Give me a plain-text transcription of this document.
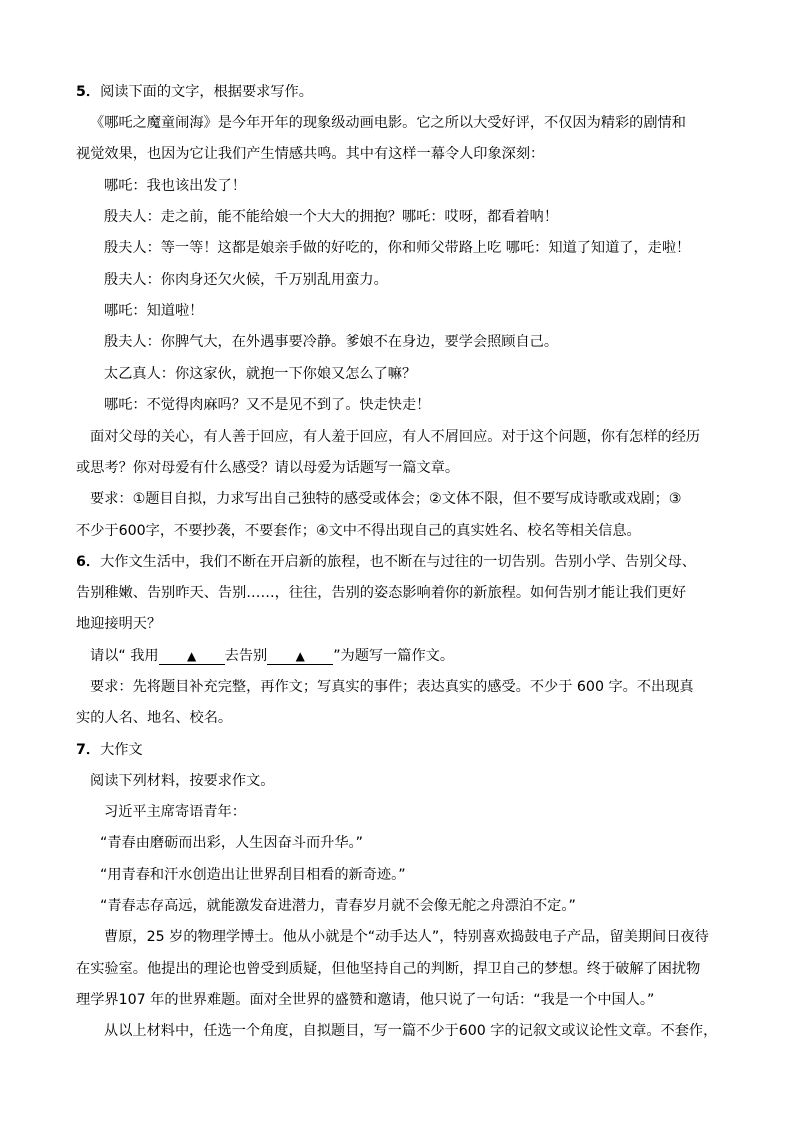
5．阅读下面的文字，根据要求写作。
《哪吒之魔童闹海》是今年开年的现象级动画电影。它之所以大受好评，不仅因为精彩的剧情和
视觉效果，也因为它让我们产生情感共鸣。其中有这样一幕令人印象深刻：
哪吒：我也该出发了！
殷夫人：走之前，能不能给娘一个大大的拥抱？哪吒：哎呀，都看着呐！
殷夫人：等一等！这都是娘亲手做的好吃的，你和师父带路上吃 哪吒：知道了知道了，走啦！
殷夫人：你肉身还欠火候，千万别乱用蛮力。
哪吒：知道啦！
殷夫人：你脾气大，在外遇事要冷静。爹娘不在身边，要学会照顾自己。
太乙真人：你这家伙，就抱一下你娘又怎么了嘛？
哪吒：不觉得肉麻吗？又不是见不到了。快走快走！
面对父母的关心，有人善于回应，有人羞于回应，有人不屑回应。对于这个问题，你有怎样的经历
或思考？你对母爱有什么感受？请以母爱为话题写一篇文章。
要求：①题目自拟，力求写出自己独特的感受或体会；②文体不限，但不要写成诗歌或戏剧；③
不少于600字，不要抄袭，不要套作；④文中不得出现自己的真实姓名、校名等相关信息。
6．大作文生活中，我们不断在开启新的旅程，也不断在与过往的一切告别。告别小学、告别父母、
告别稚嫩、告别昨天、告别……，往往，告别的姿态影响着你的新旅程。如何告别才能让我们更好
地迎接明天？
请以“ 我用 ▲ 去告别 ▲ ”为题写一篇作文。
要求：先将题目补充完整，再作文；写真实的事件；表达真实的感受。不少于 600 字。不出现真
实的人名、地名、校名。
7．大作文
阅读下列材料，按要求作文。
习近平主席寄语青年：
“青春由磨砺而出彩，人生因奋斗而升华。”
“用青春和汗水创造出让世界刮目相看的新奇迹。”
“青春志存高远，就能激发奋进潜力，青春岁月就不会像无舵之舟漂泊不定。”
曹原，25 岁的物理学博士。他从小就是个“动手达人”，特别喜欢捣鼓电子产品，留美期间日夜待
在实验室。他提出的理论也曾受到质疑，但他坚持自己的判断，捍卫自己的梦想。终于破解了困扰物
理学界107 年的世界难题。面对全世界的盛赞和邀请，他只说了一句话：“我是一个中国人。”
从以上材料中，任选一个角度，自拟题目，写一篇不少于600 字的记叙文或议论性文章。不套作，
